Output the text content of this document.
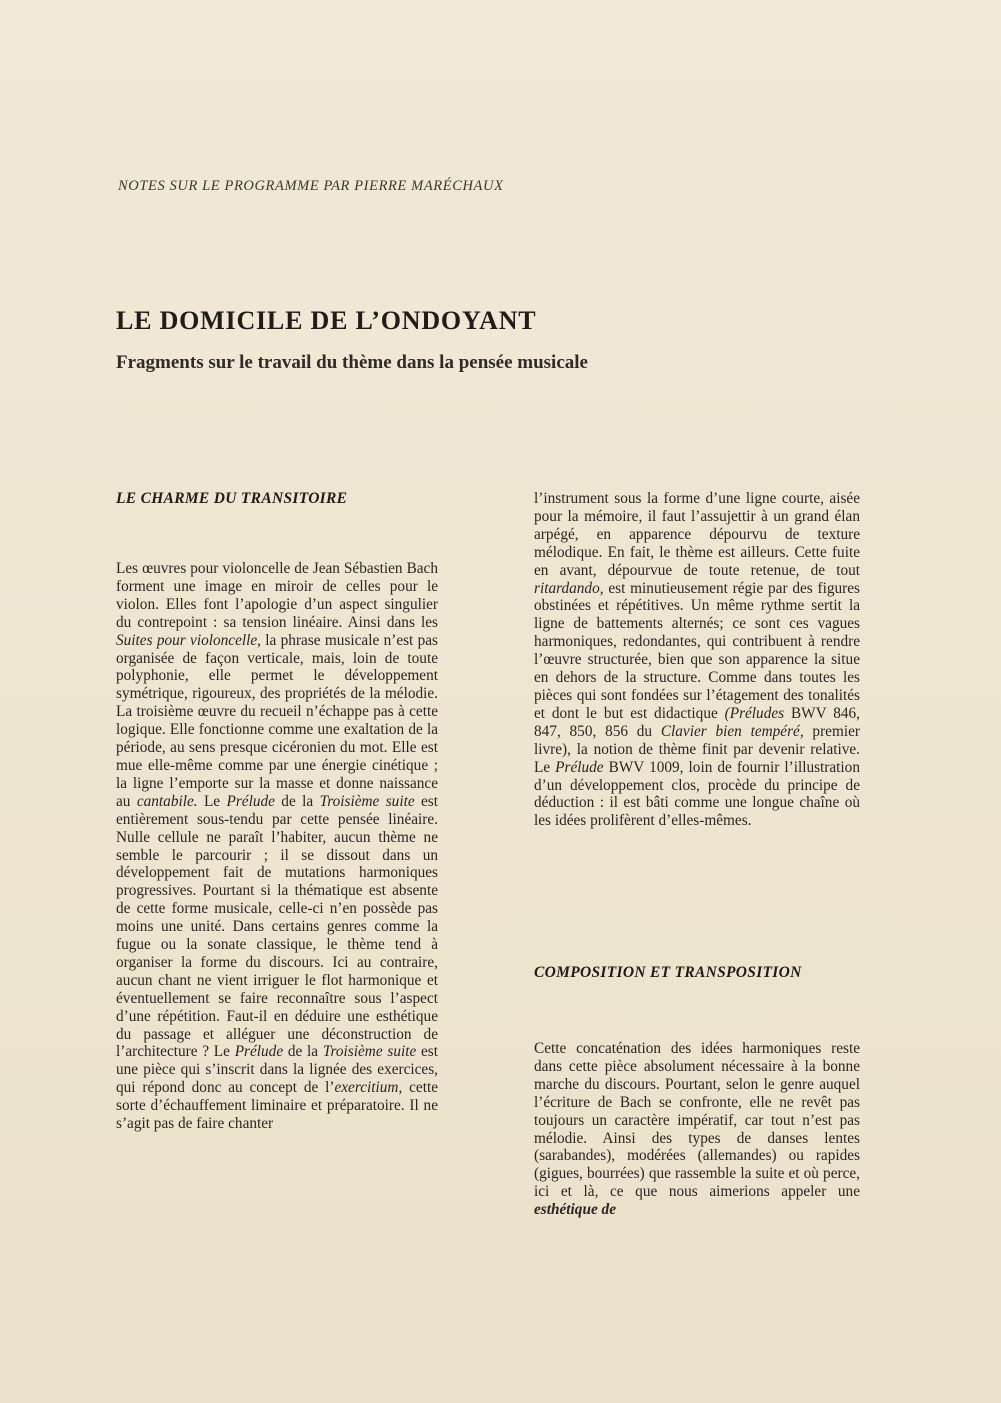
NOTES SUR LE PROGRAMME PAR PIERRE MARÉCHAUX
LE DOMICILE DE L’ONDOYANT
Fragments sur le travail du thème dans la pensée musicale
LE CHARME DU TRANSITOIRE

Les œuvres pour violoncelle de Jean Sébastien Bach forment une image en miroir de celles pour le violon. Elles font l’apologie d’un aspect singulier du contrepoint : sa tension linéaire. Ainsi dans les Suites pour violoncelle, la phrase musicale n’est pas organisée de façon verticale, mais, loin de toute polyphonie, elle permet le développement symétrique, rigoureux, des propriétés de la mélodie. La troisième œuvre du recueil n’échappe pas à cette logique. Elle fonctionne comme une exaltation de la période, au sens presque cicéronien du mot. Elle est mue elle-même comme par une énergie cinétique ; la ligne l’emporte sur la masse et donne naissance au cantabile. Le Prélude de la Troisième suite est entièrement sous-tendu par cette pensée linéaire. Nulle cellule ne paraît l’habiter, aucun thème ne semble le parcourir ; il se dissout dans un développement fait de mutations harmoniques progressives. Pourtant si la thématique est absente de cette forme musicale, celle-ci n’en possède pas moins une unité. Dans certains genres comme la fugue ou la sonate classique, le thème tend à organiser la forme du discours. Ici au contraire, aucun chant ne vient irriguer le flot harmonique et éventuellement se faire reconnaître sous l’aspect d’une répétition. Faut-il en déduire une esthétique du passage et alléguer une déconstruction de l’architecture ? Le Prélude de la Troisième suite est une pièce qui s’inscrit dans la lignée des exercices, qui répond donc au concept de l’exercitium, cette sorte d’échauffement liminaire et préparatoire. Il ne s’agit pas de faire chanter

l’instrument sous la forme d’une ligne courte, aisée pour la mémoire, il faut l’assujettir à un grand élan arpégé, en apparence dépourvu de texture mélodique. En fait, le thème est ailleurs. Cette fuite en avant, dépourvue de toute retenue, de tout ritardando, est minutieusement régie par des figures obstinées et répétitives. Un même rythme sertit la ligne de battements alternés; ce sont ces vagues harmoniques, redondantes, qui contribuent à rendre l’œuvre structurée, bien que son apparence la situe en dehors de la structure. Comme dans toutes les pièces qui sont fondées sur l’étagement des tonalités et dont le but est didactique (Préludes BWV 846, 847, 850, 856 du Clavier bien tempéré, premier livre), la notion de thème finit par devenir relative. Le Prélude BWV 1009, loin de fournir l’illustration d’un développement clos, procède du principe de déduction : il est bâti comme une longue chaîne où les idées prolifèrent d’elles-mêmes.

COMPOSITION ET TRANSPOSITION

Cette concaténation des idées harmoniques reste dans cette pièce absolument nécessaire à la bonne marche du discours. Pourtant, selon le genre auquel l’écriture de Bach se confronte, elle ne revêt pas toujours un caractère impératif, car tout n’est pas mélodie. Ainsi des types de danses lentes (sarabandes), modérées (allemandes) ou rapides (gigues, bourrées) que rassemble la suite et où perce, ici et là, ce que nous aimerions appeler une esthétique de
